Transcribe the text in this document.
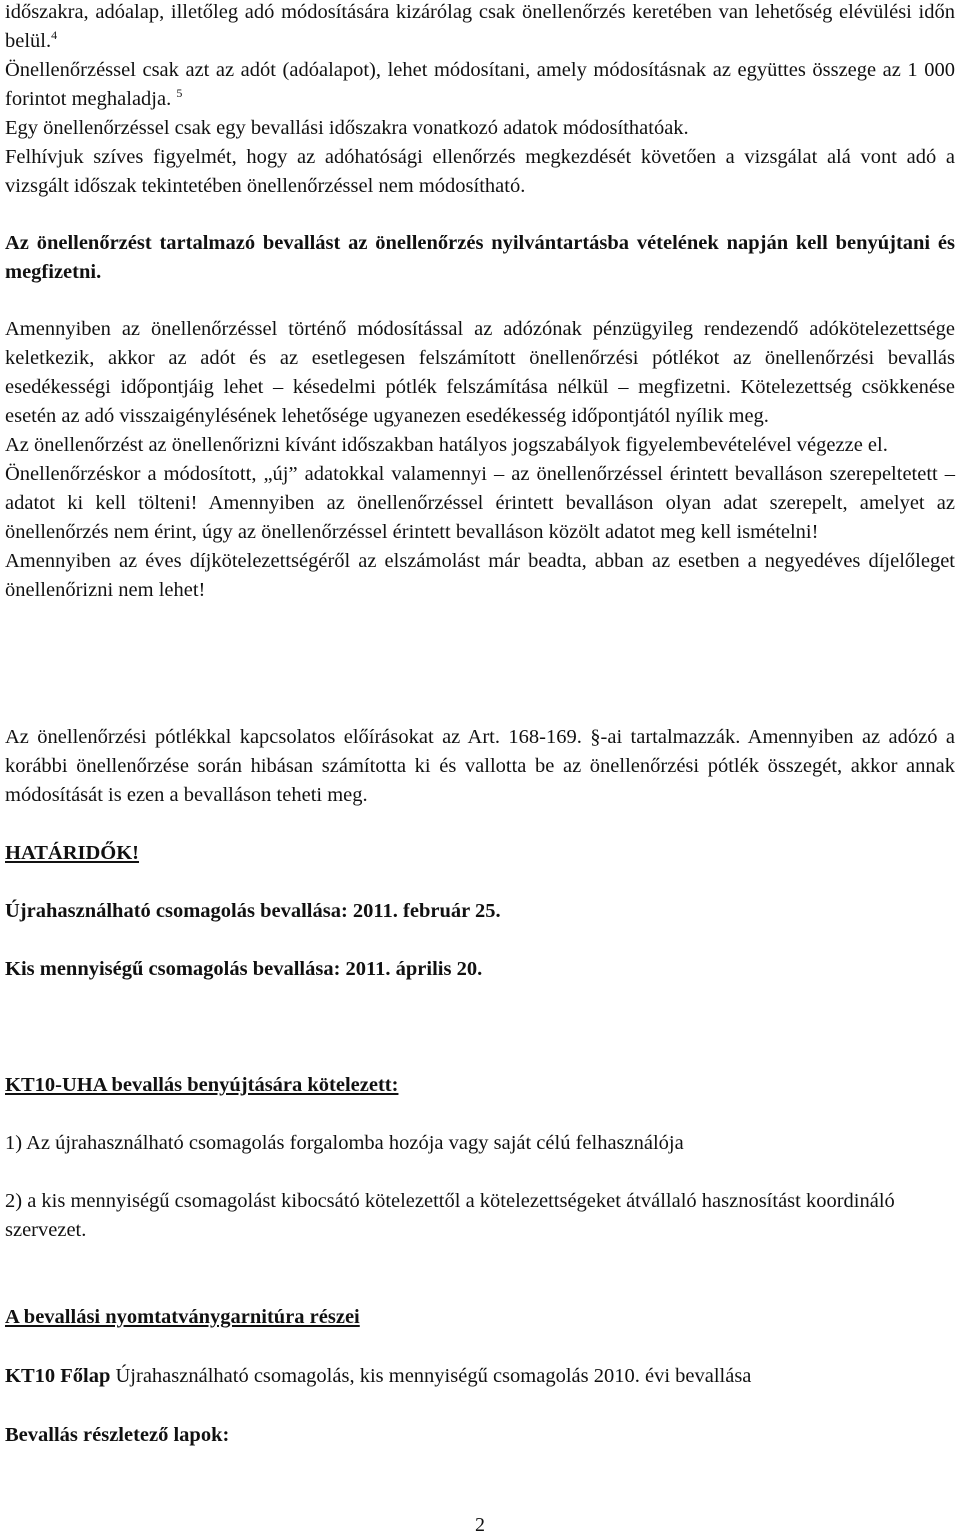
időszakra, adóalap, illetőleg adó módosítására kizárólag csak önellenőrzés keretében van lehetőség elévülési időn belül.$^4$
Önellenőrzéssel csak azt az adót (adóalapot), lehet módosítani, amely módosításnak az együttes összege az 1 000 forintot meghaladja. $^5$
Egy önellenőrzéssel csak egy bevallási időszakra vonatkozó adatok módosíthatóak.
Felhívjuk szíves figyelmét, hogy az adóhatósági ellenőrzés megkezdését követően a vizsgálat alá vont adó a vizsgált időszak tekintetében önellenőrzéssel nem módosítható.

Az önellenőrzést tartalmazó bevallást az önellenőrzés nyilvántartásba vételének napján kell benyújtani és megfizetni.

Amennyiben az önellenőrzéssel történő módosítással az adózónak pénzügyileg rendezendő adókötelezettsége keletkezik, akkor az adót és az esetlegesen felszámított önellenőrzési pótlékot az önellenőrzési bevallás esedékességi időpontjáig lehet – késedelmi pótlék felszámítása nélkül – megfizetni. Kötelezettség csökkenése esetén az adó visszaigénylésének lehetősége ugyanezen esedékesség időpontjától nyílik meg.
Az önellenőrzést az önellenőrizni kívánt időszakban hatályos jogszabályok figyelembevételével végezze el.
Önellenőrzéskor a módosított, „új” adatokkal valamennyi – az önellenőrzéssel érintett bevalláson szerepeltetett – adatot ki kell tölteni! Amennyiben az önellenőrzéssel érintett bevalláson olyan adat szerepelt, amelyet az önellenőrzés nem érint, úgy az önellenőrzéssel érintett bevalláson közölt adatot meg kell ismételni!
Amennyiben az éves díjkötelezettségéről az elszámolást már beadta, abban az esetben a negyedéves díjelőleget önellenőrizni nem lehet!

Az önellenőrzési pótlékkal kapcsolatos előírásokat az Art. 168-169. §-ai tartalmazzák. Amennyiben az adózó a korábbi önellenőrzése során hibásan számította ki és vallotta be az önellenőrzési pótlék összegét, akkor annak módosítását is ezen a bevalláson teheti meg.

HATÁRIDŐK!

Újrahasználható csomagolás bevallása: 2011. február 25.

Kis mennyiségű csomagolás bevallása: 2011. április 20.

KT10-UHA bevallás benyújtására kötelezett:

1) Az újrahasználható csomagolás forgalomba hozója vagy saját célú felhasználója

2) a kis mennyiségű csomagolást kibocsátó kötelezettől a kötelezettségeket átvállaló hasznosítást koordináló szervezet.

A bevallási nyomtatványgarnitúra részei

KT10 Főlap Újrahasználható csomagolás, kis mennyiségű csomagolás 2010. évi bevallása

Bevallás részletező lapok:

2
